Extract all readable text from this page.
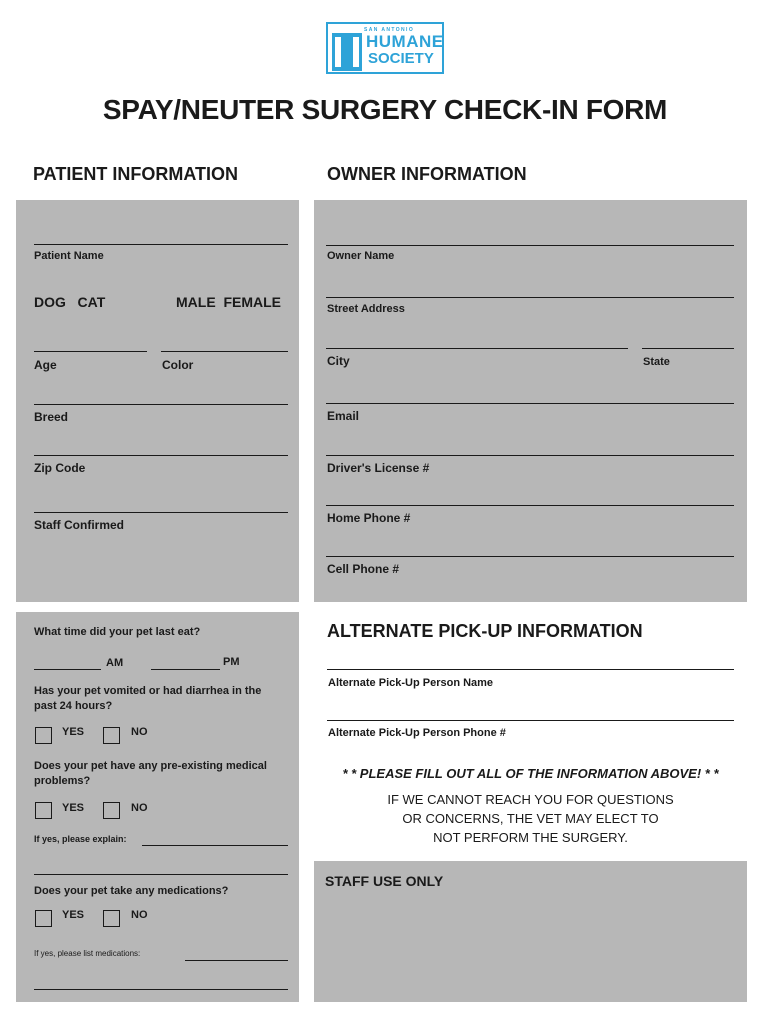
SAN ANTONIO
HUMANE
SOCIETY
SPAY/NEUTER SURGERY CHECK-IN FORM
PATIENT INFORMATION	OWNER INFORMATION
Patient Name
DOG   CAT	MALE  FEMALE
Age	Color
Breed
Zip Code
Staff Confirmed
Owner Name
Street Address
City	State
Email
Driver's License #
Home Phone #
Cell Phone #
What time did your pet last eat?
AM	PM
Has your pet vomited or had diarrhea in the past 24 hours?
YES	NO
Does your pet have any pre-existing medical problems?
YES	NO
If yes, please explain:
Does your pet take any medications?
YES	NO
If yes, please list medications:
ALTERNATE PICK-UP INFORMATION
Alternate Pick-Up Person Name
Alternate Pick-Up Person Phone #
* * PLEASE FILL OUT ALL OF THE INFORMATION ABOVE! * *
IF WE CANNOT REACH YOU FOR QUESTIONS
OR CONCERNS, THE VET MAY ELECT TO
NOT PERFORM THE SURGERY.
STAFF USE ONLY
